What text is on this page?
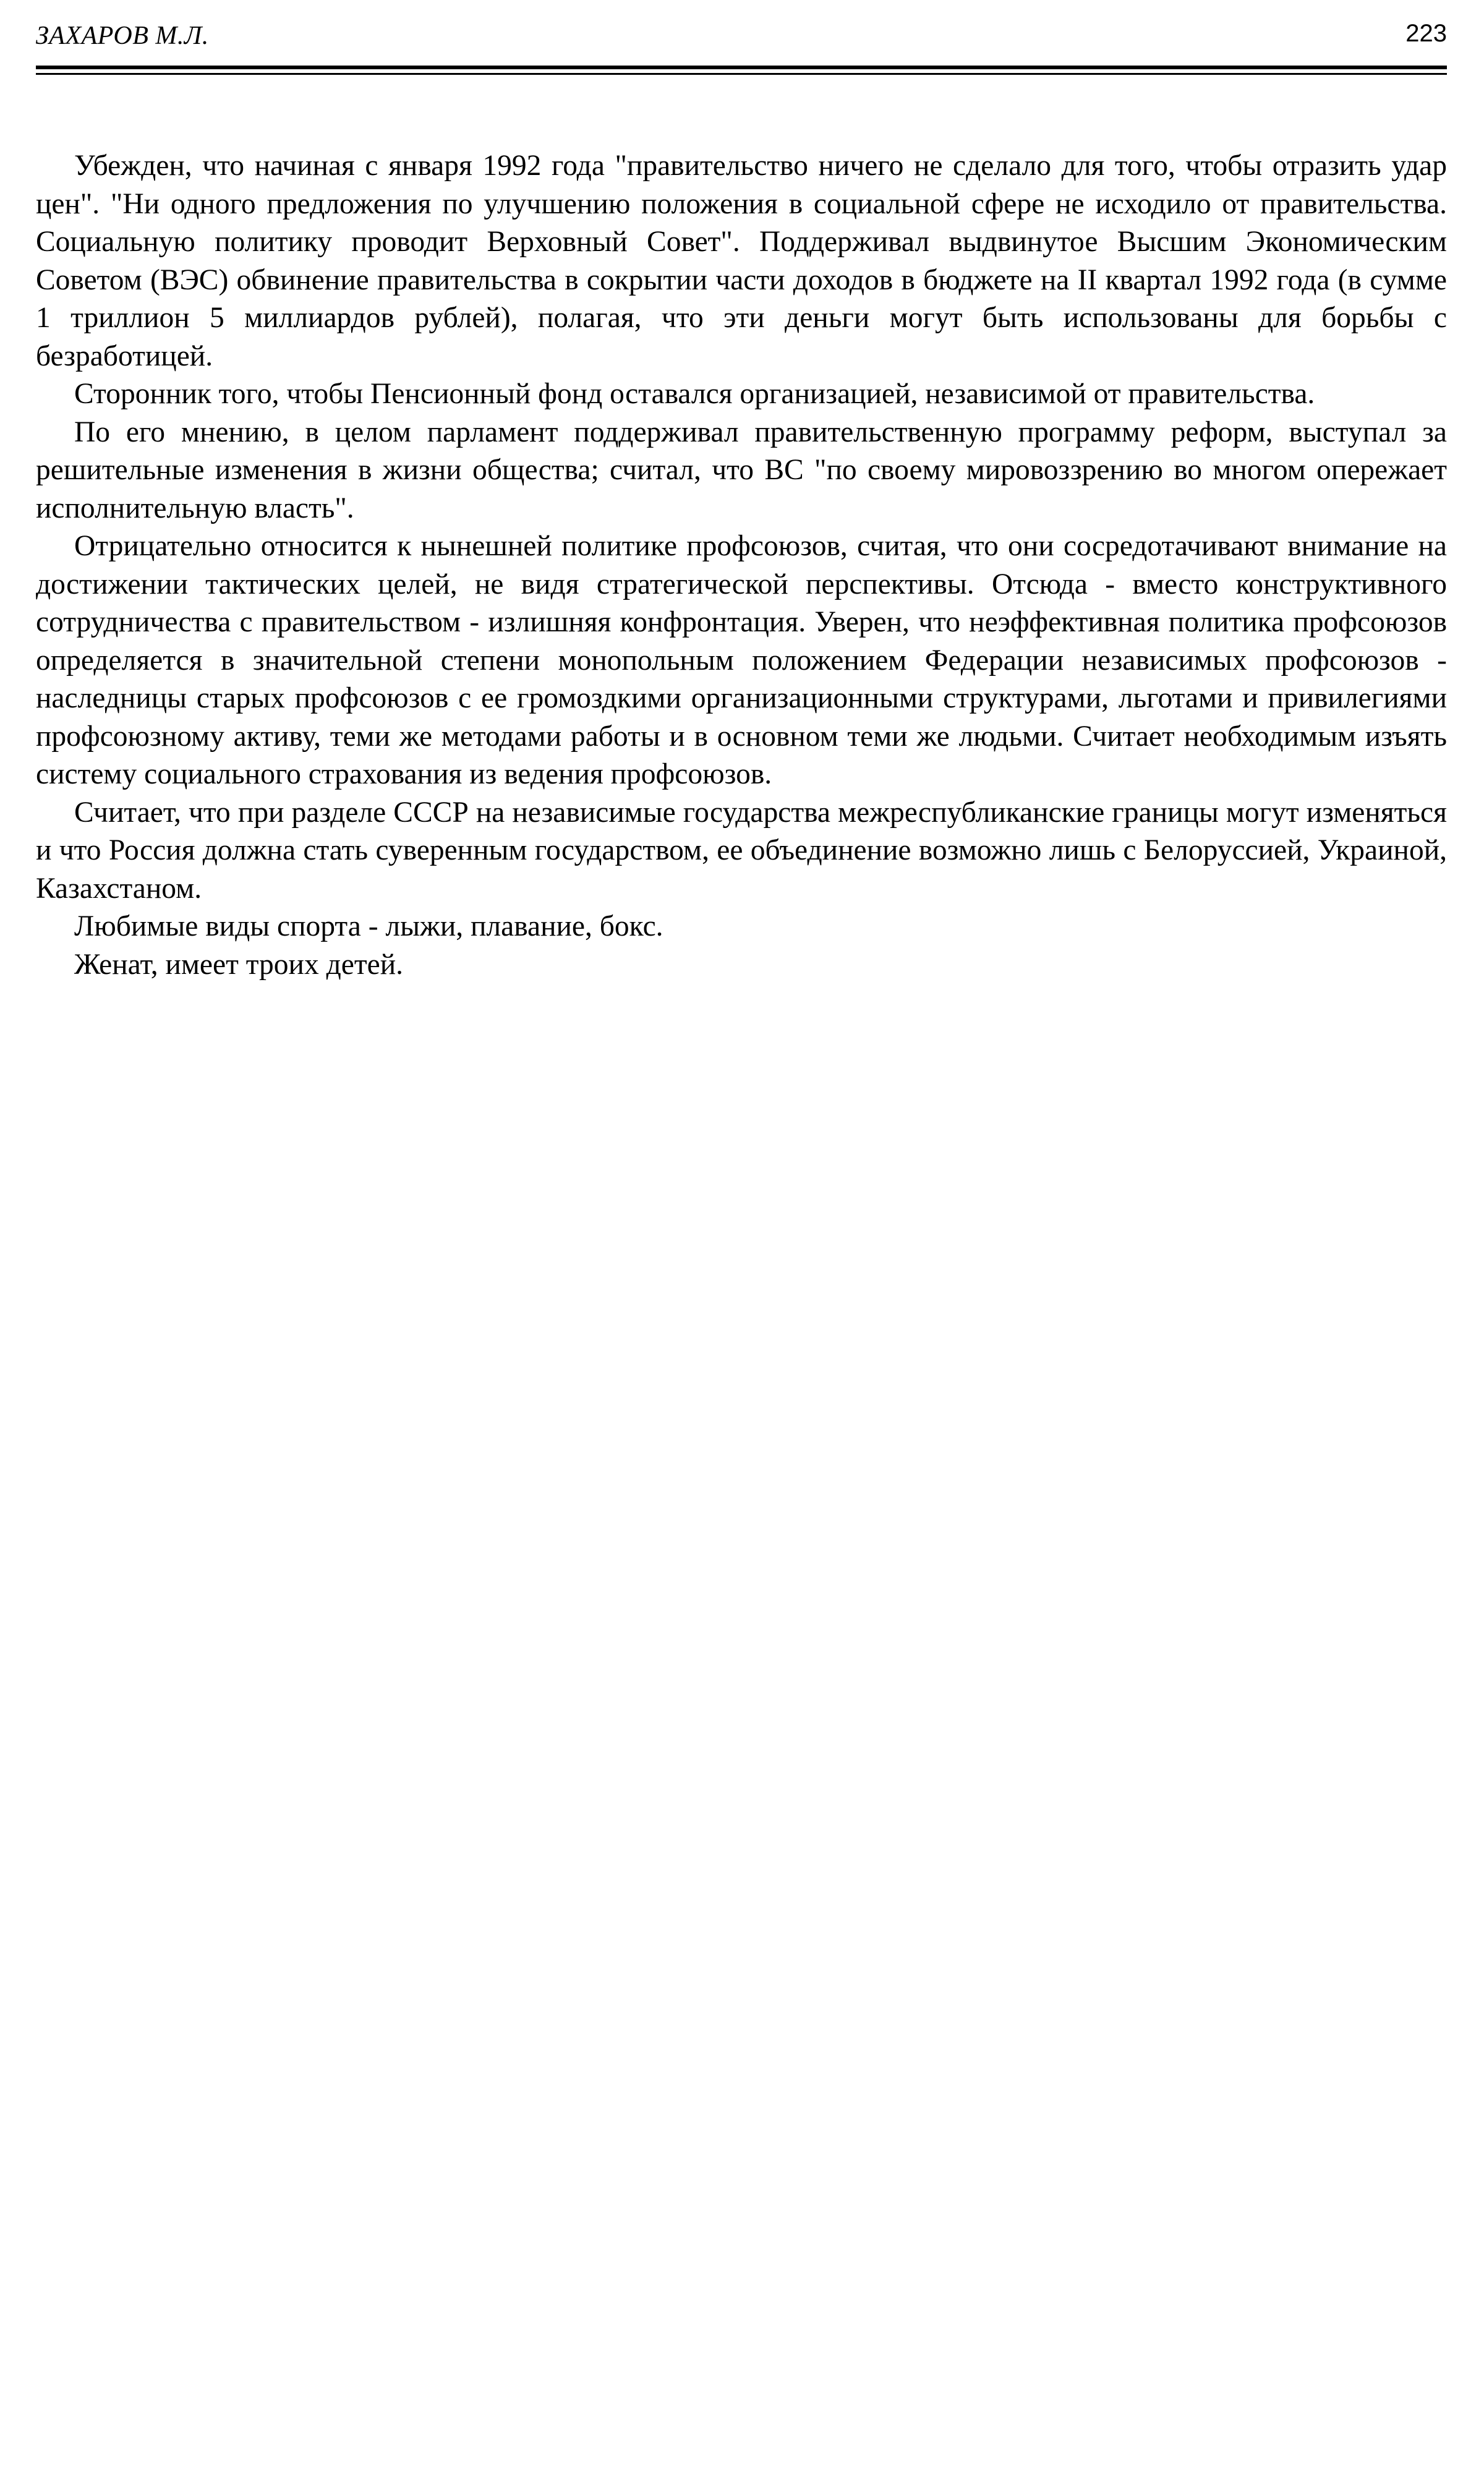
ЗАХАРОВ М.Л.	223

Убежден, что начиная с января 1992 года "правительство ничего не сделало для того, чтобы отразить удар цен". "Ни одного предложения по улучшению положения в социальной сфере не исходило от правительства. Социальную политику проводит Верховный Совет". Поддерживал выдвинутое Высшим Экономическим Советом (ВЭС) обвинение правительства в сокрытии части доходов в бюджете на II квартал 1992 года (в сумме 1 триллион 5 миллиардов рублей), полагая, что эти деньги могут быть использованы для борьбы с безработицей.

Сторонник того, чтобы Пенсионный фонд оставался организацией, независимой от правительства.

По его мнению, в целом парламент поддерживал правительственную программу реформ, выступал за решительные изменения в жизни общества; считал, что ВС "по своему мировоззрению во многом опережает исполнительную власть".

Отрицательно относится к нынешней политике профсоюзов, считая, что они сосредотачивают внимание на достижении тактических целей, не видя стратегической перспективы. Отсюда - вместо конструктивного сотрудничества с правительством - излишняя конфронтация. Уверен, что неэффективная политика профсоюзов определяется в значительной степени монопольным положением Федерации независимых профсоюзов - наследницы старых профсоюзов с ее громоздкими организационными структурами, льготами и привилегиями профсоюзному активу, теми же методами работы и в основном теми же людьми. Считает необходимым изъять систему социального страхования из ведения профсоюзов.

Считает, что при разделе СССР на независимые государства межреспубликанские границы могут изменяться и что Россия должна стать суверенным государством, ее объединение возможно лишь с Белоруссией, Украиной, Казахстаном.

Любимые виды спорта - лыжи, плавание, бокс.

Женат, имеет троих детей.
